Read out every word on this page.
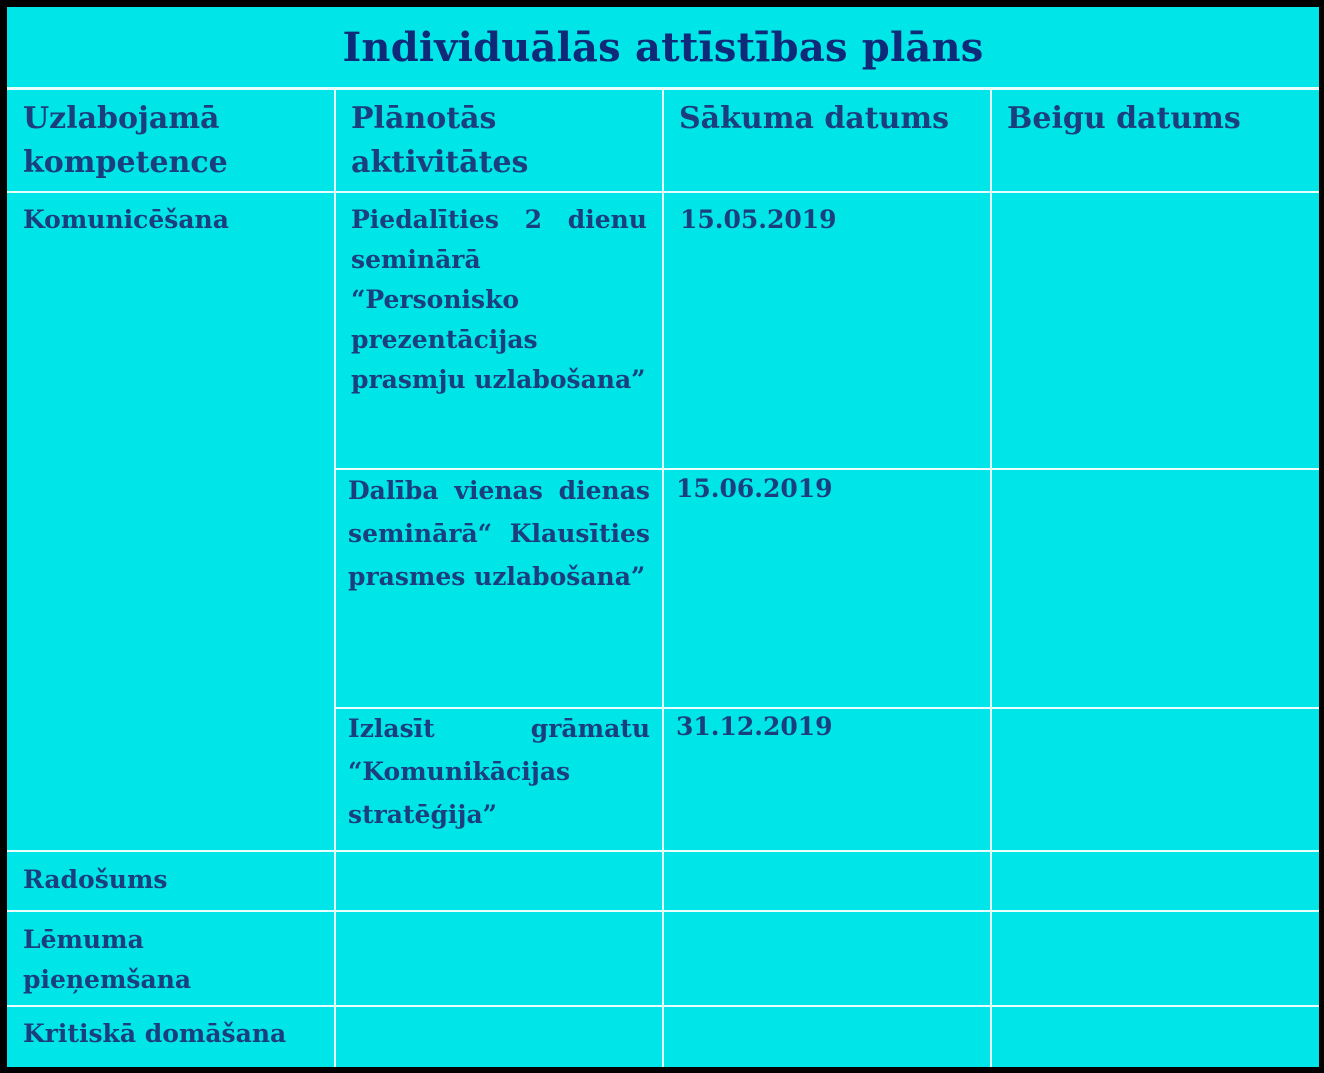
Individuālās attīstības plāns
Uzlabojamā kompetence
Plānotās aktivitātes
Sākuma datums	Beigu datums
Komunicēšana	Piedalīties 2 dienu seminārā “Personisko prezentācijas prasmju uzlabošana”
15.05.2019
Dalība vienas dienas seminārā“ Klausīties prasmes uzlabošana”
15.06.2019
Izlasīt grāmatu “Komunikācijas stratēģija”
31.12.2019
Radošums
Lēmuma pieņemšana
Kritiskā domāšana
